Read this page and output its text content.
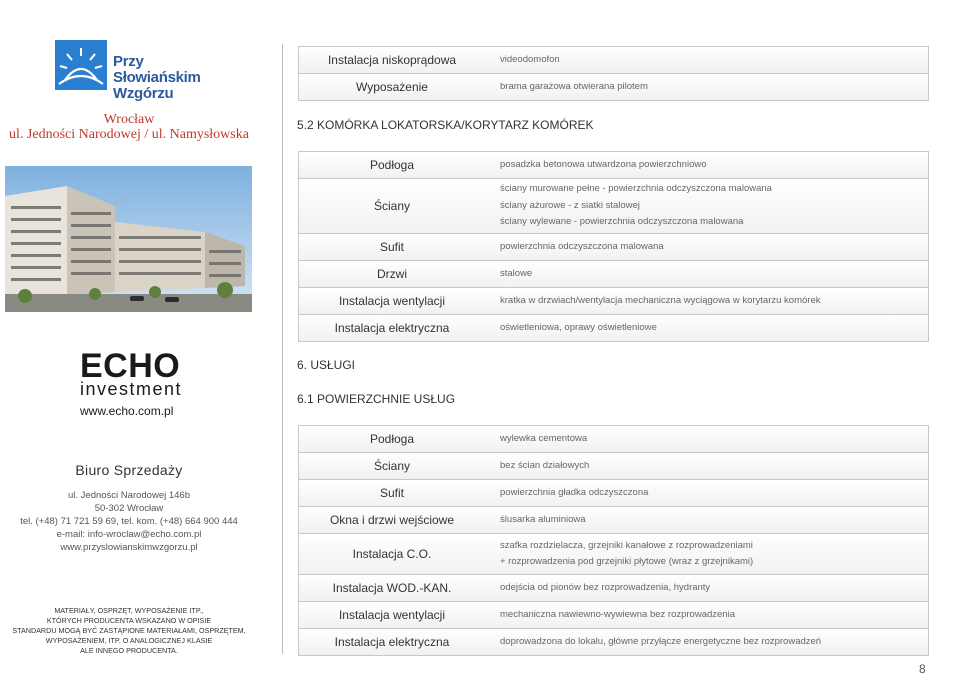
Przy Słowiańskim
Wzgórzu
Wrocław
ul. Jedności Narodowej / ul. Namysłowska
ECHO
investment
www.echo.com.pl
Biuro Sprzedaży
ul. Jedności Narodowej 146b
50-302 Wrocław
tel. (+48) 71 721 59 69, tel. kom. (+48) 664 900 444
e-mail: info-wroclaw@echo.com.pl
www.przyslowianskimwzgorzu.pl
MATERIAŁY, OSPRZĘT, WYPOSAŻENIE ITP.,
KTÓRYCH PRODUCENTA WSKAZANO W OPISIE
STANDARDU MOGĄ BYĆ ZASTĄPIONE MATERIAŁAMI, OSPRZĘTEM,
WYPOSAŻENIEM, ITP. O ANALOGICZNEJ KLASIE
ALE INNEGO PRODUCENTA.
Instalacja niskoprądowa	videodomofon
Wyposażenie	brama garażowa otwierana pilotem
5.2 KOMÓRKA LOKATORSKA/KORYTARZ KOMÓREK
Podłoga	posadzka betonowa utwardzona powierzchniowo
Ściany
ściany murowane pełne - powierzchnia odczyszczona malowana
ściany ażurowe - z siatki stalowej
ściany wylewane - powierzchnia odczyszczona malowana
Sufit	powierzchnia odczyszczona malowana
Drzwi	stalowe
Instalacja wentylacji	kratka w drzwiach/wentylacja mechaniczna wyciągowa w korytarzu komórek
Instalacja elektryczna	oświetleniowa, oprawy oświetleniowe
6. USŁUGI
6.1 POWIERZCHNIE USŁUG
Podłoga	wylewka cementowa
Ściany	bez ścian działowych
Sufit	powierzchnia gładka odczyszczona
Okna i drzwi wejściowe	ślusarka aluminiowa
Instalacja C.O.
szafka rozdzielacza, grzejniki kanałowe z rozprowadzeniami
+ rozprowadzenia pod grzejniki płytowe (wraz z grzejnikami)
Instalacja WOD.-KAN.	odejścia od pionów bez rozprowadzenia, hydranty
Instalacja wentylacji	mechaniczna nawiewno-wywiewna bez rozprowadzenia
Instalacja elektryczna	doprowadzona do lokalu, główne przyłącze energetyczne bez rozprowadzeń
8
